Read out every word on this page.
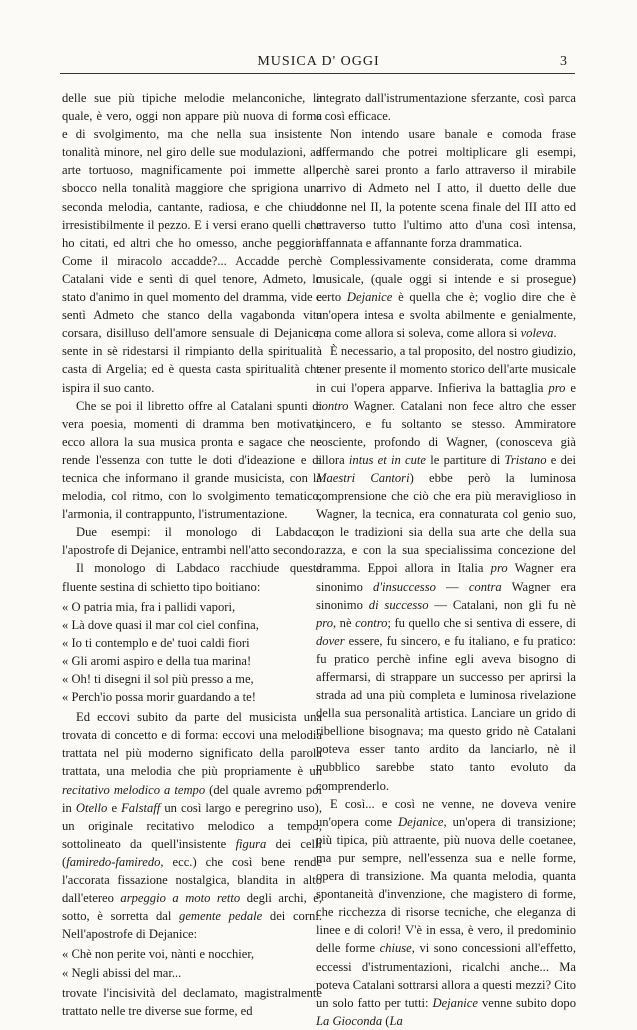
MUSICA D' OGGI	3

delle sue più tipiche melodie melanconiche, la quale, è vero, oggi non appare più nuova di forma e di svolgimento, ma che nella sua insistente tonalità minore, nel giro delle sue modulazioni, ad arte tortuoso, magnificamente poi immette allo sbocco nella tonalità maggiore che sprigiona una seconda melodia, cantante, radiosa, e che chiude irresistibilmente il pezzo. E i versi erano quelli che ho citati, ed altri che ho omesso, anche peggiori. Come il miracolo accadde?... Accadde perchè Catalani vide e sentì di quel tenore, Admeto, lo stato d'animo in quel momento del dramma, vide e sentì Admeto che stanco della vagabonda vita corsara, disilluso dell'amore sensuale di Dejanice, sente in sè ridestarsi il rimpianto della spiritualità casta di Argelia; ed è questa casta spiritualità che ispira il suo canto.

Che se poi il libretto offre al Catalani spunti di vera poesia, momenti di dramma ben motivati, ecco allora la sua musica pronta e sagace che ne rende l'essenza con tutte le doti d'ideazione e di tecnica che informano il grande musicista, con la melodia, col ritmo, con lo svolgimento tematico, l'armonia, il contrappunto, l'istrumentazione.

Due esempi: il monologo di Labdaco, l'apostrofe di Dejanice, entrambi nell'atto secondo.

Il monologo di Labdaco racchiude questa fluente sestina di schietto tipo boitiano:

« O patria mia, fra i pallidi vapori,

« Là dove quasi il mar col ciel confina,

« Io ti contemplo e de' tuoi caldi fiori

« Gli aromi aspiro e della tua marina!

« Oh! ti disegni il sol più presso a me,

« Perch'io possa morir guardando a te!

Ed eccovi subito da parte del musicista una trovata di concetto e di forma: eccovi una melodia trattata nel più moderno significato della parola trattata, una melodia che più propriamente è un recitativo melodico a tempo (del quale avremo poi in Otello e Falstaff un così largo e peregrino uso), un originale recitativo melodico a tempo, sottolineato da quell'insistente figura dei celli (famiredo-famiredo, ecc.) che così bene rende l'accorata fissazione nostalgica, blandita in alto dall'etereo arpeggio a moto retto degli archi, e, sotto, è sorretta dal gemente pedale dei corni. Nell'apostrofe di Dejanice:

« Chè non perite voi, nànti e nocchier,

« Negli abissi del mar...

trovate l'incisività del declamato, magistralmente trattato nelle tre diverse sue forme, ed

integrato dall'istrumentazione sferzante, così parca e così efficace.

Non intendo usare banale e comoda frase affermando che potrei moltiplicare gli esempi, perchè sarei pronto a farlo attraverso il mirabile arrivo di Admeto nel I atto, il duetto delle due donne nel II, la potente scena finale del III atto ed attraverso tutto l'ultimo atto d'una così intensa, affannata e affannante forza drammatica.

Complessivamente considerata, come dramma musicale, (quale oggi si intende e si prosegue) certo Dejanice è quella che è; voglio dire che è un'opera intesa e svolta abilmente e genialmente, ma come allora si soleva, come allora si voleva.

È necessario, a tal proposito, del nostro giudizio, tener presente il momento storico dell'arte musicale in cui l'opera apparve. Infieriva la battaglia pro e contro Wagner. Catalani non fece altro che esser sincero, e fu soltanto se stesso. Ammiratore cosciente, profondo di Wagner, (conosceva già allora intus et in cute le partiture di Tristano e dei Maestri Cantori) ebbe però la luminosa comprensione che ciò che era più meraviglioso in Wagner, la tecnica, era connaturata col genio suo, con le tradizioni sia della sua arte che della sua razza, e con la sua specialissima concezione del dramma. Eppoi allora in Italia pro Wagner era sinonimo d'insuccesso — contra Wagner era sinonimo di successo — Catalani, non gli fu nè pro, nè contro; fu quello che si sentiva di essere, di dover essere, fu sincero, e fu italiano, e fu pratico: fu pratico perchè infine egli aveva bisogno di affermarsi, di strappare un successo per aprirsi la strada ad una più completa e luminosa rivelazione della sua personalità artistica. Lanciare un grido di ribellione bisognava; ma questo grido nè Catalani poteva esser tanto ardito da lanciarlo, nè il pubblico sarebbe stato tanto evoluto da comprenderlo.

E così... e così ne venne, ne doveva venire un'opera come Dejanice, un'opera di transizione; più tipica, più attraente, più nuova delle coetanee, ma pur sempre, nell'essenza sua e nelle forme, opera di transizione. Ma quanta melodia, quanta spontaneità d'invenzione, che magistero di forme, che ricchezza di risorse tecniche, che eleganza di linee e di colori! V'è in essa, è vero, il predominio delle forme chiuse, vi sono concessioni all'effetto, eccessi d'istrumentazioni, ricalchi anche... Ma poteva Catalani sottrarsi allora a questi mezzi? Cito un solo fatto per tutti: Dejanice venne subito dopo La Gioconda (La
